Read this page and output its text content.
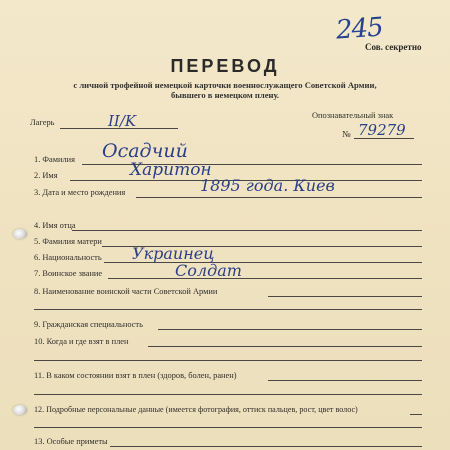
245
Сов. секретно
ПЕРЕВОД
с личной трофейной немецкой карточки военнослужащего Советской Армии,
бывшего в немецком плену.
Лагерь	II/K	Опознавательный знак
№ 79279
1. Фамилия Осадчий
2. Имя	Харитон
3. Дата и место рождения	1895 года. Киев
4. Имя отца
5. Фамилия матери
6. Национальность Украинец
7. Воинское звание	Солдат
8. Наименование воинской части Советской Армии
9. Гражданская специальность
10. Когда и где взят в плен
11. В каком состоянии взят в плен (здоров, болен, ранен)
12. Подробные персональные данные (имеется фотография, оттиск пальцев, рост, цвет волос)
13. Особые приметы
